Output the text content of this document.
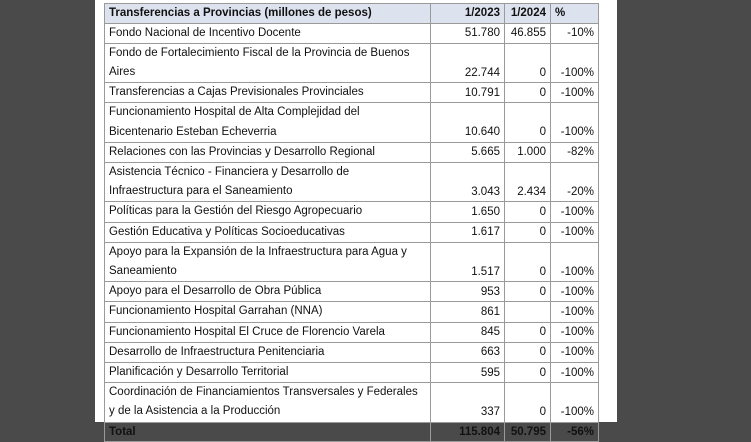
Transferencias a Provincias (millones de pesos)	1/2023	1/2024	%
Fondo Nacional de Incentivo Docente	51.780	46.855	-10%
Fondo de Fortalecimiento Fiscal de la Provincia de Buenos Aires	22.744	0	-100%
Transferencias a Cajas Previsionales Provinciales	10.791	0	-100%
Funcionamiento Hospital de Alta Complejidad del Bicentenario Esteban Echeverria	10.640	0	-100%
Relaciones con las Provincias y Desarrollo Regional	5.665	1.000	-82%
Asistencia Técnico - Financiera y Desarrollo de Infraestructura para el Saneamiento	3.043	2.434	-20%
Políticas para la Gestión del Riesgo Agropecuario	1.650	0	-100%
Gestión Educativa y Políticas Socioeducativas	1.617	0	-100%
Apoyo para la Expansión de la Infraestructura para Agua y Saneamiento	1.517	0	-100%
Apoyo para el Desarrollo de Obra Pública	953	0	-100%
Funcionamiento Hospital Garrahan (NNA)	861		-100%
Funcionamiento Hospital El Cruce de Florencio Varela	845	0	-100%
Desarrollo de Infraestructura Penitenciaria	663	0	-100%
Planificación y Desarrollo Territorial	595	0	-100%
Coordinación de Financiamientos Transversales y Federales y de la Asistencia a la Producción	337	0	-100%
Total	115.804	50.795	-56%
